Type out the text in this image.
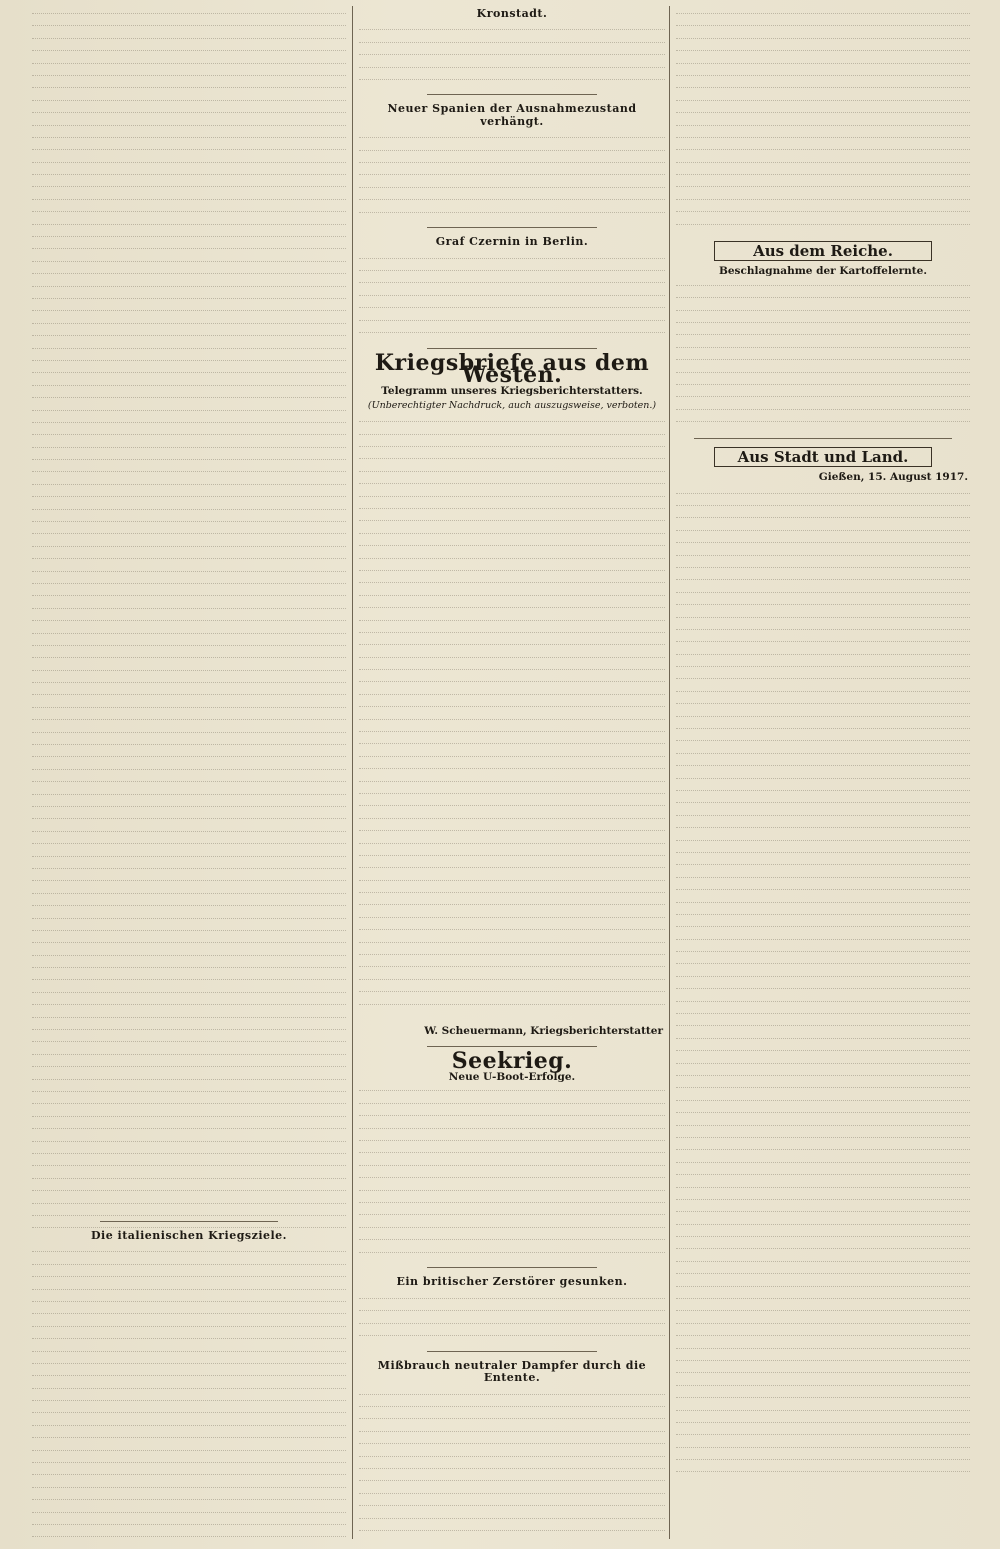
Die italienischen Kriegsziele.
Kronstadt.
Neuer Spanien der Ausnahmezustand verhängt.
Graf Czernin in Berlin.
Kriegsbriefe aus dem Westen.
Telegramm unseres Kriegsberichterstatters.
(Unberechtigter Nachdruck, auch auszugsweise, verboten.)
W. Scheuermann, Kriegsberichterstatter
Seekrieg.
Neue U-Boot-Erfolge.
Ein britischer Zerstörer gesunken.
Mißbrauch neutraler Dampfer durch die Entente.
Aus dem Reiche.
Beschlagnahme der Kartoffelernte.
Aus Stadt und Land.
Gießen, 15. August 1917.
